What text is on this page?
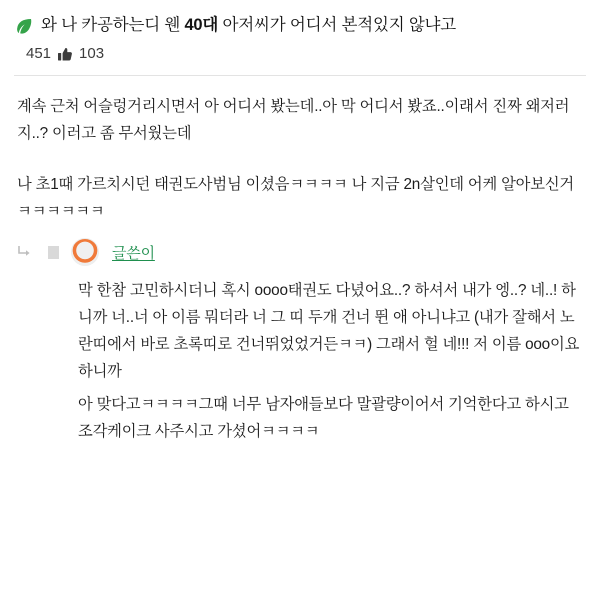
와 나 카공하는디 웬 40대 아저씨가 어디서 본적있지 않냐고
451 103

계속 근처 어슬렁거리시면서 아 어디서 봤는데..아 막 어디서 봤죠..이래서 진짜 왜저러지..? 이러고 좀 무서웠는데

나 초1때 가르치시던 태권도사범님 이셨음ㅋㅋㅋㅋ 나 지금 2n살인데 어케 알아보신거ㅋㅋㅋㅋㅋㅋ

글쓴이

막 한참 고민하시더니 혹시 oooo태권도 다녔어요..? 하셔서 내가 엥..? 네..! 하니까 너..너 아 이름 뭐더라 너 그 띠 두개 건너 뛴 애 아니냐고 (내가 잘해서 노란띠에서 바로 초록띠로 건너뛰었었거든ㅋㅋ) 그래서 헐 네!!! 저 이름 ooo이요 하니까

아 맞다고ㅋㅋㅋㅋ그때 너무 남자애들보다 말괄량이어서 기억한다고 하시고 조각케이크 사주시고 가셨어ㅋㅋㅋㅋ
